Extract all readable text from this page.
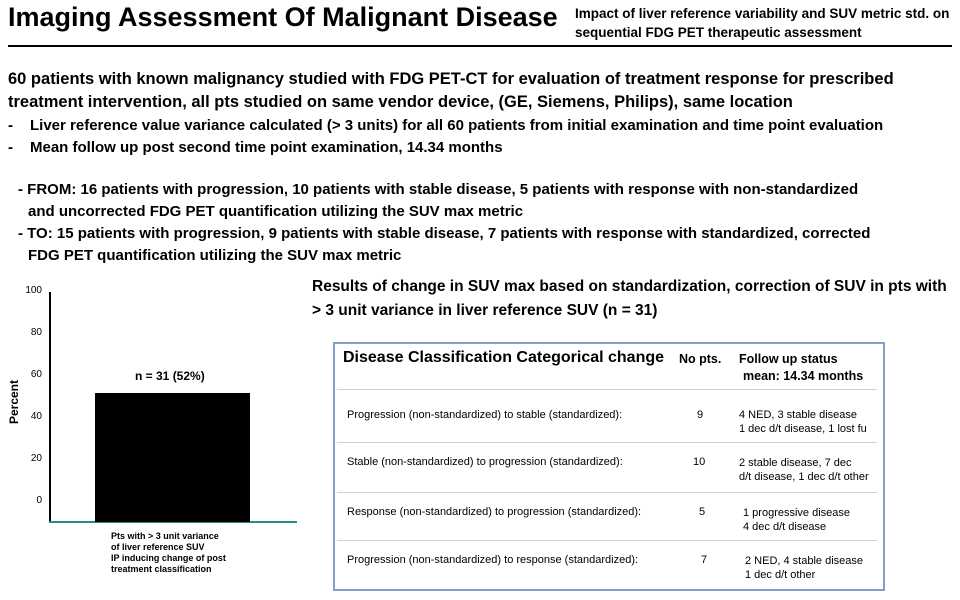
Imaging Assessment Of Malignant Disease Impact of liver reference variability and SUV metric std. on sequential FDG PET therapeutic assessment
60 patients with known malignancy studied with FDG PET-CT for evaluation of treatment response for prescribed treatment intervention, all pts studied on same vendor device, (GE, Siemens, Philips), same location
- Liver reference value variance calculated (> 3 units) for all 60 patients from initial examination and time point evaluation
- Mean follow up post second time point examination, 14.34 months
- FROM: 16 patients with progression, 10 patients with stable disease, 5 patients with response with non-standardized
and uncorrected FDG PET quantification utilizing the SUV max metric
- TO: 15 patients with progression, 9 patients with stable disease, 7 patients with response with standardized, corrected
FDG PET quantification utilizing the SUV max metric
Results of change in SUV max based on standardization, correction of SUV in pts with > 3 unit variance in liver reference SUV (n = 31)
Percent
Pts with > 3 unit variance
of liver reference SUV
IP inducing change of post
treatment classification
0
20
40
60
80
100
n = 31 (52%)
Disease Classification Categorical change No pts. Follow up status
mean: 14.34 months
Progression (non-standardized) to stable (standardized):	9	4 NED, 3 stable disease
1 dec d/t disease, 1 lost fu
Stable (non-standardized) to progression (standardized):	10	2 stable disease, 7 dec
d/t disease, 1 dec d/t other
Response (non-standardized) to progression (standardized):	5	1 progressive disease
4 dec d/t disease
Progression (non-standardized) to response (standardized):	7	2 NED, 4 stable disease
1 dec d/t other
